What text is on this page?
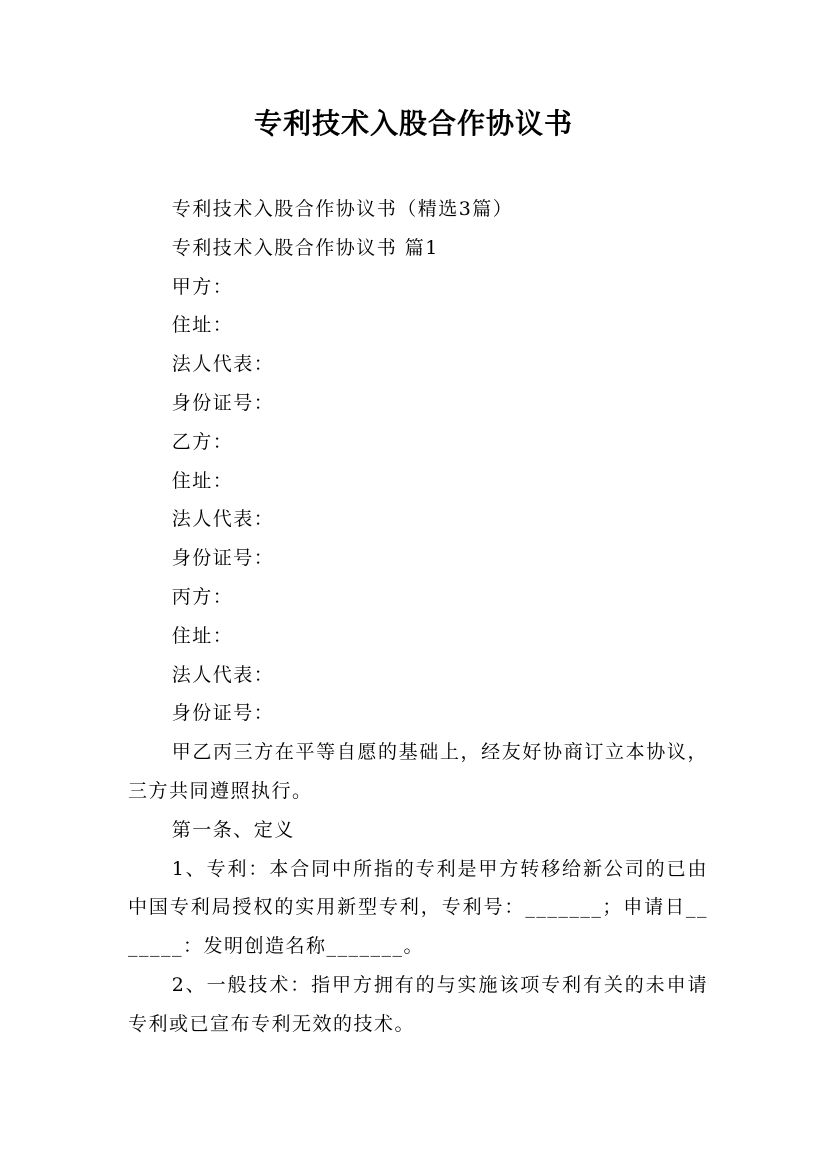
专利技术入股合作协议书

专利技术入股合作协议书（精选3篇）

专利技术入股合作协议书 篇1

甲方：

住址：

法人代表：

身份证号：

乙方：

住址：

法人代表：

身份证号：

丙方：

住址：

法人代表：

身份证号：

甲乙丙三方在平等自愿的基础上，经友好协商订立本协议，三方共同遵照执行。

第一条、定义

1、专利：本合同中所指的专利是甲方转移给新公司的已由中国专利局授权的实用新型专利，专利号：_______；申请日_______：发明创造名称_______。

2、一般技术：指甲方拥有的与实施该项专利有关的未申请专利或已宣布专利无效的技术。
